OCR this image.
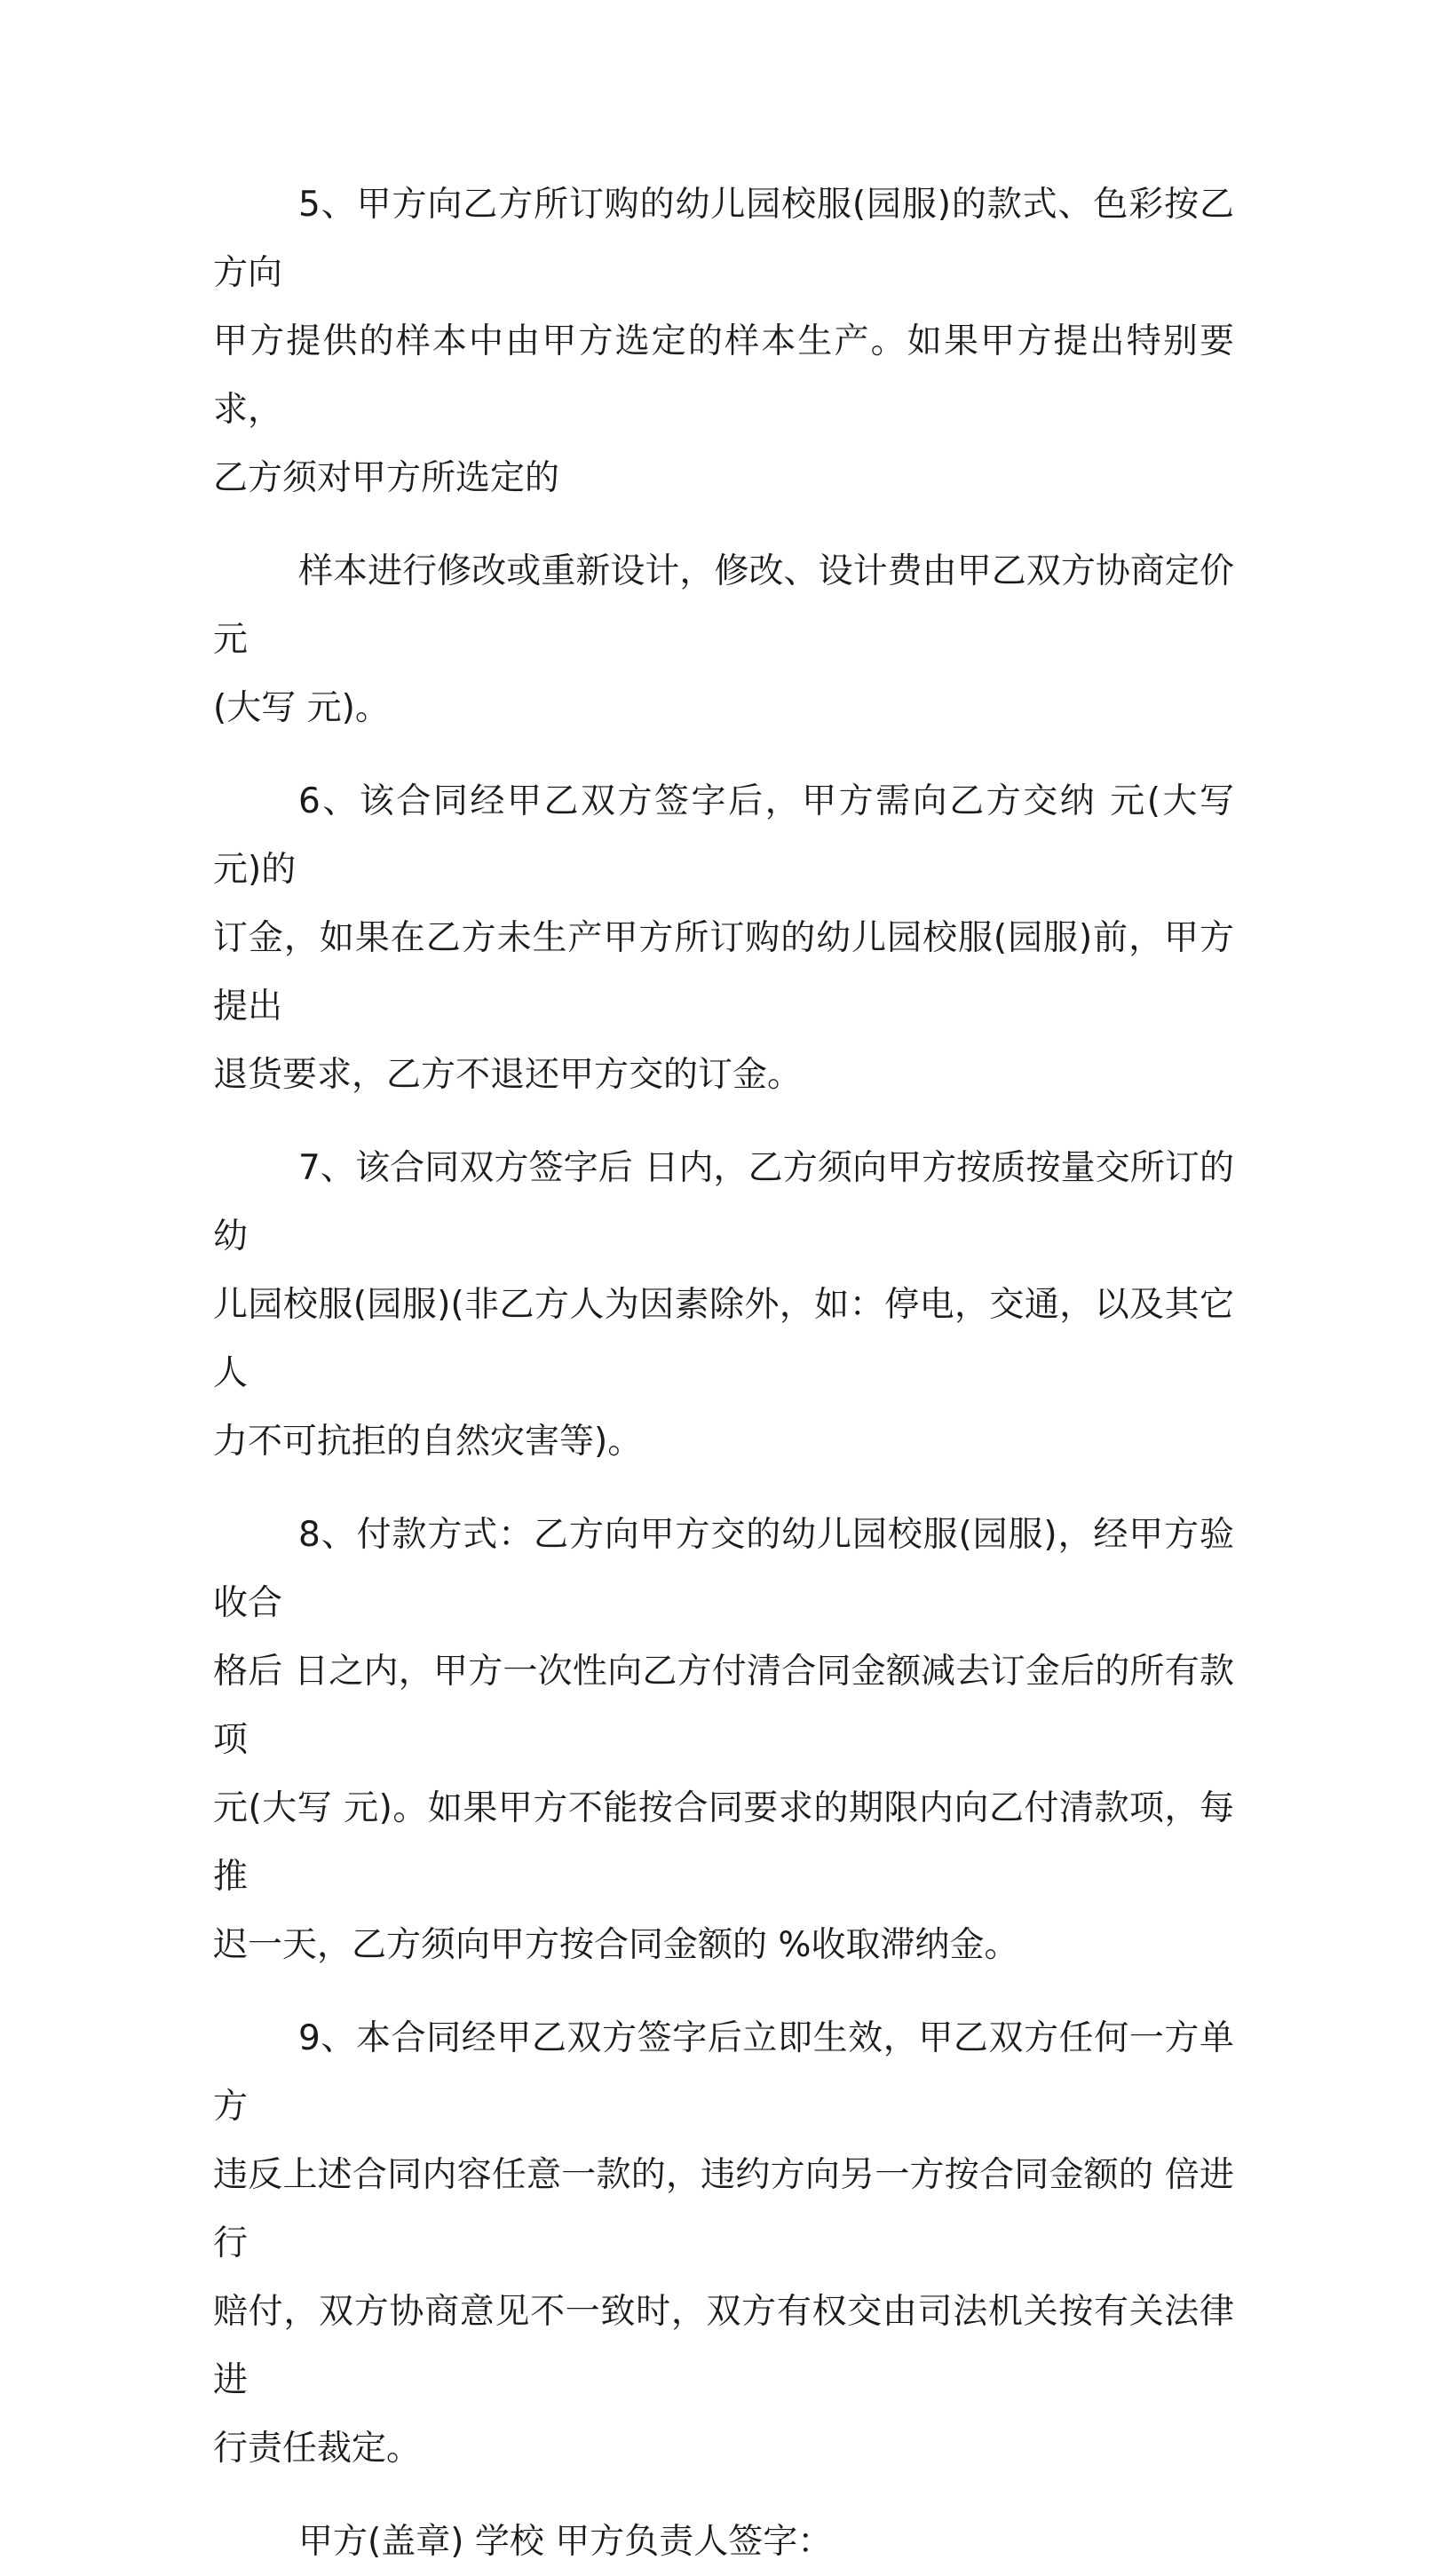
5、甲方向乙方所订购的幼儿园校服(园服)的款式、色彩按乙方向
甲方提供的样本中由甲方选定的样本生产。如果甲方提出特别要求，
乙方须对甲方所选定的

样本进行修改或重新设计，修改、设计费由甲乙双方协商定价 元
(大写 元)。

6、该合同经甲乙双方签字后，甲方需向乙方交纳 元(大写 元)的
订金，如果在乙方未生产甲方所订购的幼儿园校服(园服)前，甲方提出
退货要求，乙方不退还甲方交的订金。

7、该合同双方签字后 日内，乙方须向甲方按质按量交所订的幼
儿园校服(园服)(非乙方人为因素除外，如：停电，交通，以及其它人
力不可抗拒的自然灾害等)。

8、付款方式：乙方向甲方交的幼儿园校服(园服)，经甲方验收合
格后 日之内，甲方一次性向乙方付清合同金额减去订金后的所有款项
元(大写 元)。如果甲方不能按合同要求的期限内向乙付清款项，每推
迟一天，乙方须向甲方按合同金额的 %收取滞纳金。

9、本合同经甲乙双方签字后立即生效，甲乙双方任何一方单方
违反上述合同内容任意一款的，违约方向另一方按合同金额的 倍进行
赔付，双方协商意见不一致时，双方有权交由司法机关按有关法律进
行责任裁定。

甲方(盖章) 学校 甲方负责人签字：
